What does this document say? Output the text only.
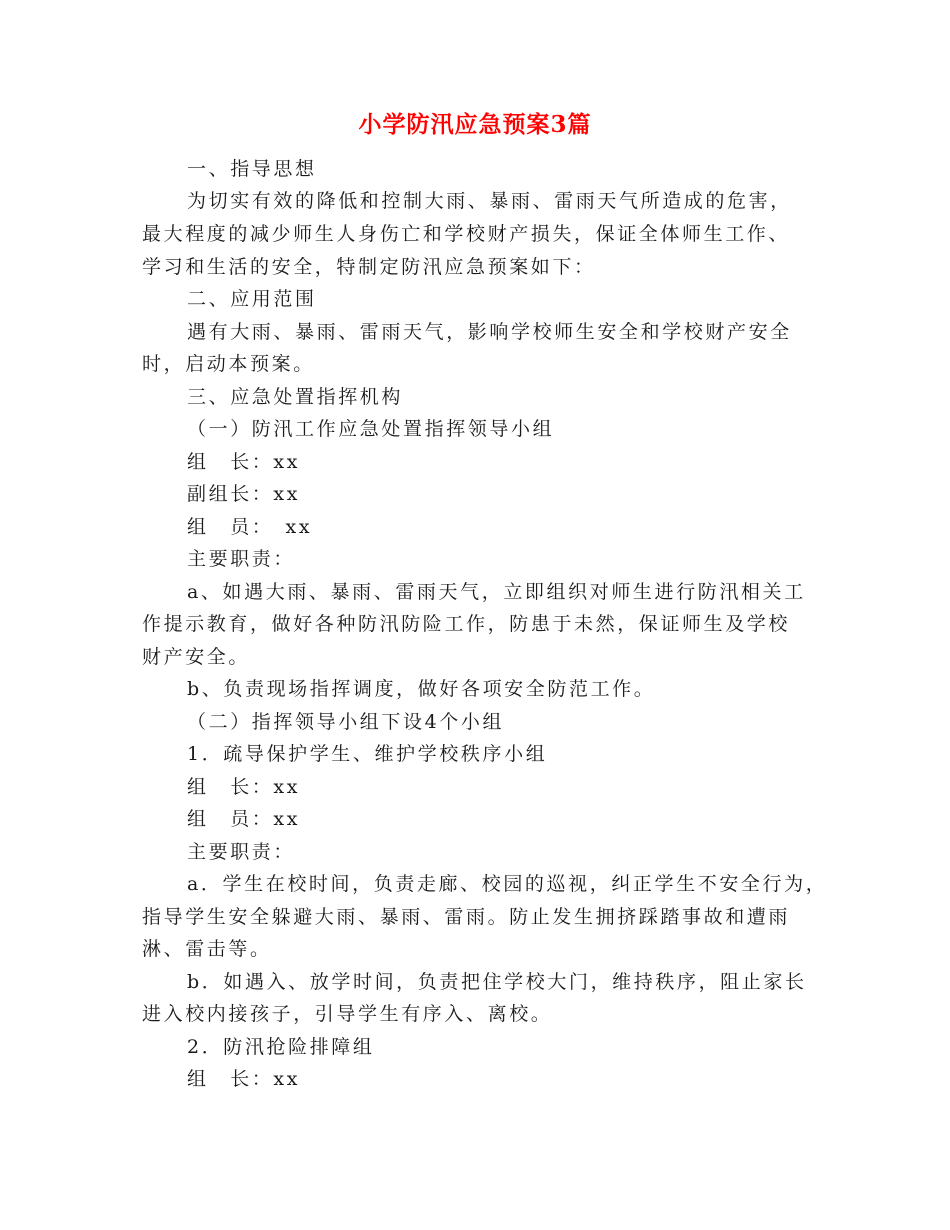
小学防汛应急预案3篇
一、指导思想
为切实有效的降低和控制大雨、暴雨、雷雨天气所造成的危害，
最大程度的减少师生人身伤亡和学校财产损失，保证全体师生工作、
学习和生活的安全，特制定防汛应急预案如下：
二、应用范围
遇有大雨、暴雨、雷雨天气，影响学校师生安全和学校财产安全
时，启动本预案。
三、应急处置指挥机构
（一）防汛工作应急处置指挥领导小组
组　长：xx
副组长：xx
组　员：　xx
主要职责：
a、如遇大雨、暴雨、雷雨天气，立即组织对师生进行防汛相关工
作提示教育，做好各种防汛防险工作，防患于未然，保证师生及学校
财产安全。
b、负责现场指挥调度，做好各项安全防范工作。
（二）指挥领导小组下设4个小组
1．疏导保护学生、维护学校秩序小组
组　长：xx
组　员：xx
主要职责：
a．学生在校时间，负责走廊、校园的巡视，纠正学生不安全行为，
指导学生安全躲避大雨、暴雨、雷雨。防止发生拥挤踩踏事故和遭雨
淋、雷击等。
b．如遇入、放学时间，负责把住学校大门，维持秩序，阻止家长
进入校内接孩子，引导学生有序入、离校。
2．防汛抢险排障组
组　长：xx
